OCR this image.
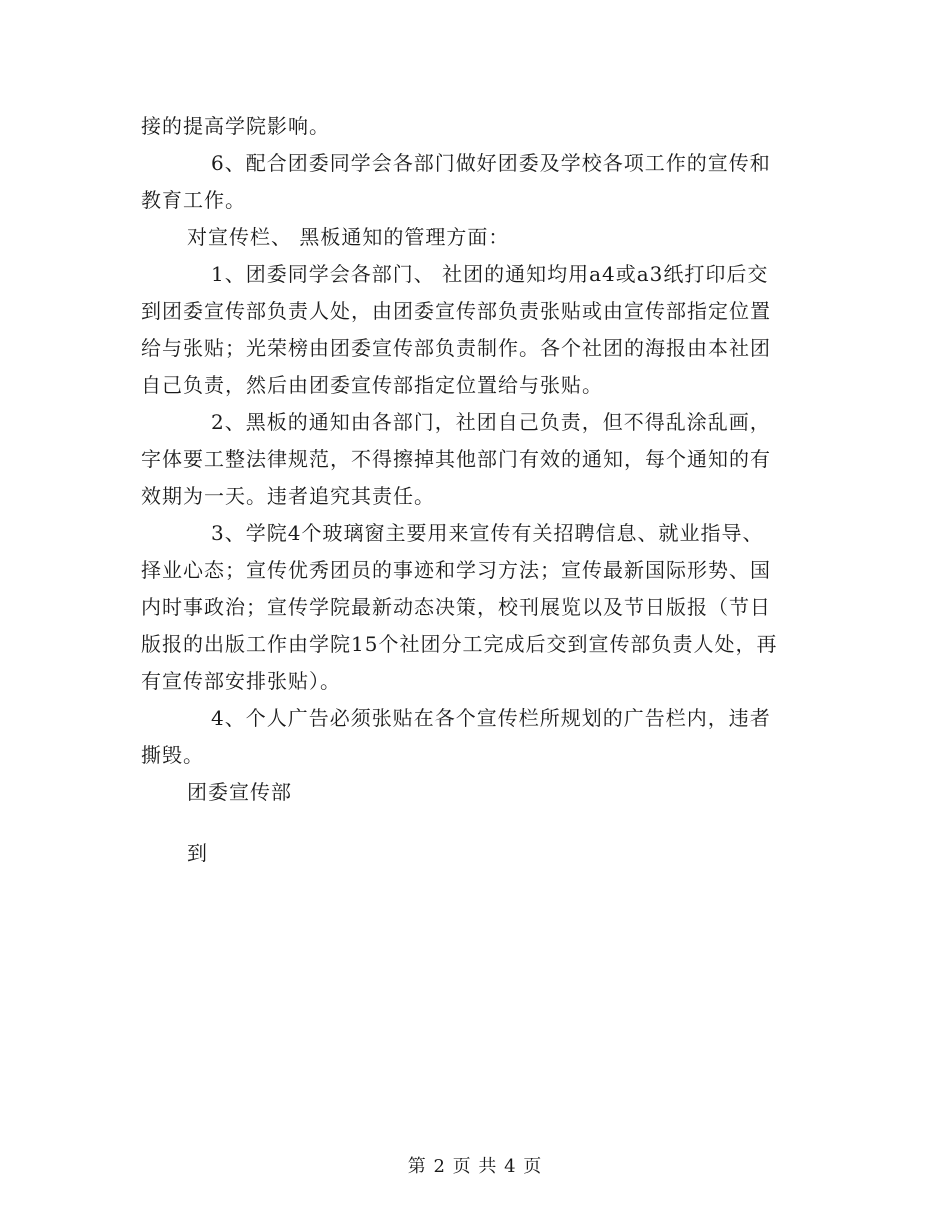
接的提高学院影响。
6、配合团委同学会各部门做好团委及学校各项工作的宣传和
教育工作。
对宣传栏、 黑板通知的管理方面：
1、团委同学会各部门、 社团的通知均用a4或a3纸打印后交
到团委宣传部负责人处，由团委宣传部负责张贴或由宣传部指定位置
给与张贴；光荣榜由团委宣传部负责制作。各个社团的海报由本社团
自己负责，然后由团委宣传部指定位置给与张贴。
2、黑板的通知由各部门，社团自己负责，但不得乱涂乱画，
字体要工整法律规范，不得擦掉其他部门有效的通知，每个通知的有
效期为一天。违者追究其责任。
3、学院4个玻璃窗主要用来宣传有关招聘信息、就业指导、
择业心态；宣传优秀团员的事迹和学习方法；宣传最新国际形势、国
内时事政治；宣传学院最新动态决策，校刊展览以及节日版报（节日
版报的出版工作由学院15个社团分工完成后交到宣传部负责人处，再
有宣传部安排张贴）。
4、个人广告必须张贴在各个宣传栏所规划的广告栏内，违者
撕毁。
团委宣传部
到
第 2 页 共 4 页
